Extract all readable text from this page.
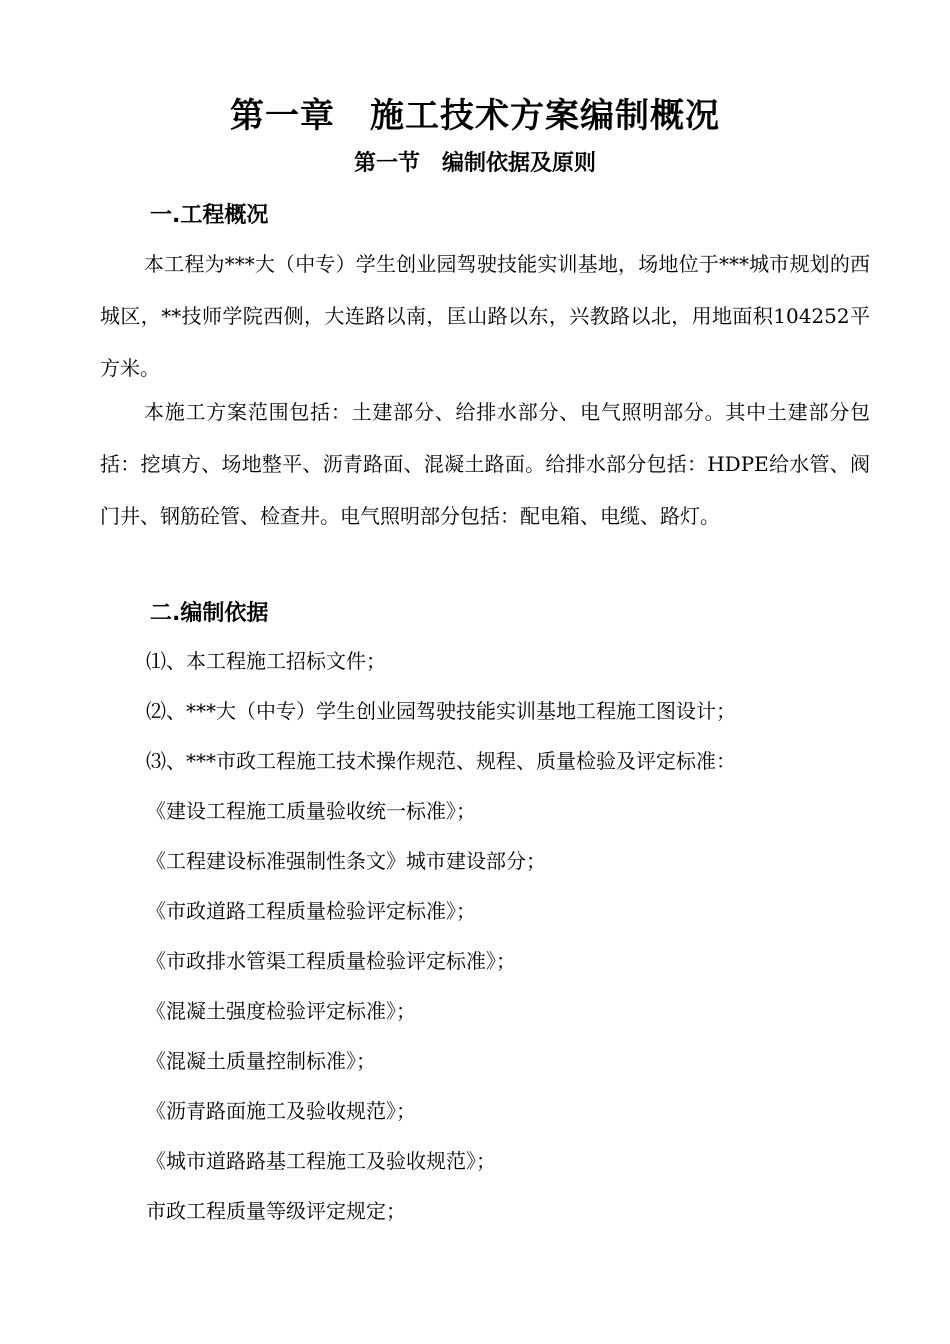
第一章　施工技术方案编制概况
第一节　编制依据及原则
一.工程概况

本工程为***大（中专）学生创业园驾驶技能实训基地，场地位于***城市规划的西城区，**技师学院西侧，大连路以南，匡山路以东，兴教路以北，用地面积104252平方米。

本施工方案范围包括：土建部分、给排水部分、电气照明部分。其中土建部分包括：挖填方、场地整平、沥青路面、混凝土路面。给排水部分包括：HDPE给水管、阀门井、钢筋砼管、检查井。电气照明部分包括：配电箱、电缆、路灯。

二.编制依据
⑴、本工程施工招标文件；
⑵、***大（中专）学生创业园驾驶技能实训基地工程施工图设计；
⑶、***市政工程施工技术操作规范、规程、质量检验及评定标准：
《建设工程施工质量验收统一标准》；
《工程建设标准强制性条文》城市建设部分；
《市政道路工程质量检验评定标准》；
《市政排水管渠工程质量检验评定标准》；
《混凝土强度检验评定标准》；
《混凝土质量控制标准》；
《沥青路面施工及验收规范》；
《城市道路路基工程施工及验收规范》；
市政工程质量等级评定规定；
